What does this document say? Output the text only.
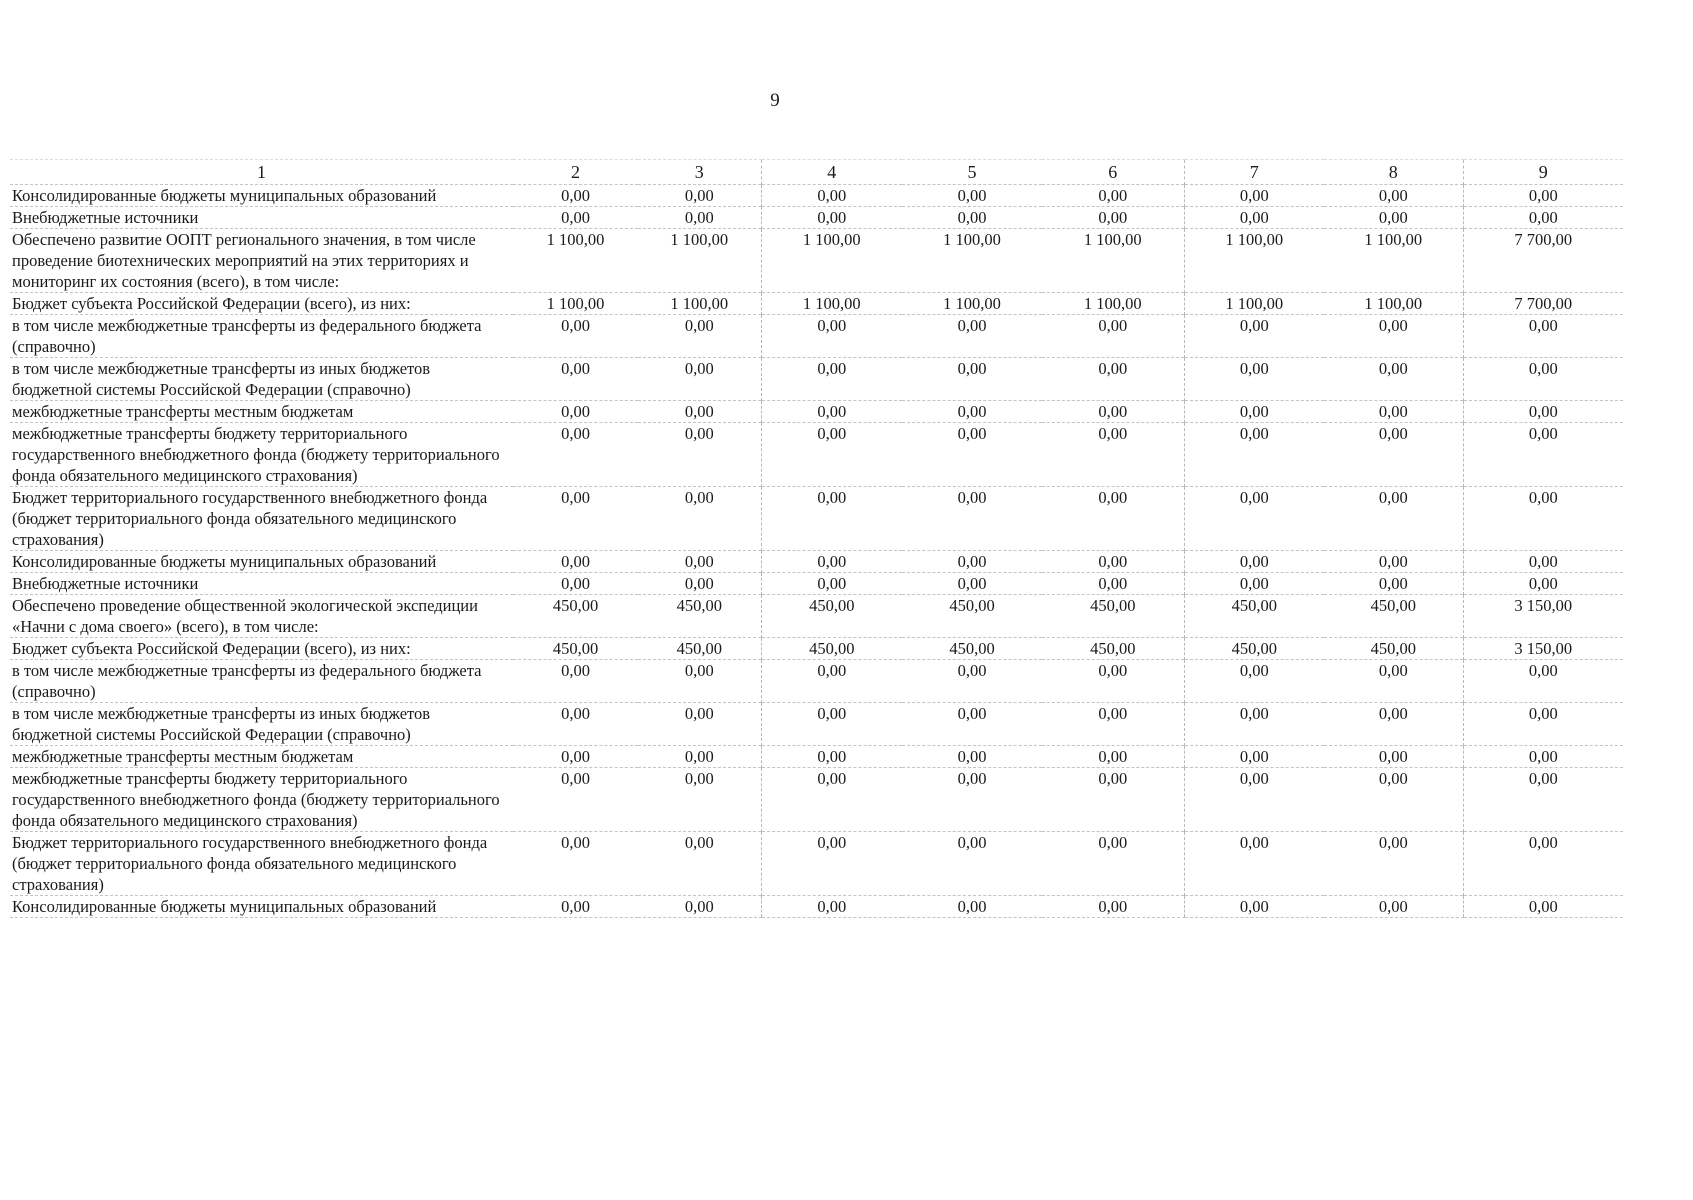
9
1	2	3	4	5	6	7	8	9
Консолидированные бюджеты муниципальных образований	0,00	0,00	0,00	0,00	0,00	0,00	0,00	0,00
Внебюджетные источники	0,00	0,00	0,00	0,00	0,00	0,00	0,00	0,00
Обеспечено развитие ООПТ регионального значения, в том числе проведение биотехнических мероприятий на этих территориях и мониторинг их состояния (всего), в том числе:	1 100,00	1 100,00	1 100,00	1 100,00	1 100,00	1 100,00	1 100,00	7 700,00
Бюджет субъекта Российской Федерации (всего), из них:	1 100,00	1 100,00	1 100,00	1 100,00	1 100,00	1 100,00	1 100,00	7 700,00
в том числе межбюджетные трансферты из федерального бюджета (справочно)	0,00	0,00	0,00	0,00	0,00	0,00	0,00	0,00
в том числе межбюджетные трансферты из иных бюджетов бюджетной системы Российской Федерации (справочно)	0,00	0,00	0,00	0,00	0,00	0,00	0,00	0,00
межбюджетные трансферты местным бюджетам	0,00	0,00	0,00	0,00	0,00	0,00	0,00	0,00
межбюджетные трансферты бюджету территориального государственного внебюджетного фонда (бюджету территориального фонда обязательного медицинского страхования)	0,00	0,00	0,00	0,00	0,00	0,00	0,00	0,00
Бюджет территориального государственного внебюджетного фонда (бюджет территориального фонда обязательного медицинского страхования)	0,00	0,00	0,00	0,00	0,00	0,00	0,00	0,00
Консолидированные бюджеты муниципальных образований	0,00	0,00	0,00	0,00	0,00	0,00	0,00	0,00
Внебюджетные источники	0,00	0,00	0,00	0,00	0,00	0,00	0,00	0,00
Обеспечено проведение общественной экологической экспедиции «Начни с дома своего» (всего), в том числе:	450,00	450,00	450,00	450,00	450,00	450,00	450,00	3 150,00
Бюджет субъекта Российской Федерации (всего), из них:	450,00	450,00	450,00	450,00	450,00	450,00	450,00	3 150,00
в том числе межбюджетные трансферты из федерального бюджета (справочно)	0,00	0,00	0,00	0,00	0,00	0,00	0,00	0,00
в том числе межбюджетные трансферты из иных бюджетов бюджетной системы Российской Федерации (справочно)	0,00	0,00	0,00	0,00	0,00	0,00	0,00	0,00
межбюджетные трансферты местным бюджетам	0,00	0,00	0,00	0,00	0,00	0,00	0,00	0,00
межбюджетные трансферты бюджету территориального государственного внебюджетного фонда (бюджету территориального фонда обязательного медицинского страхования)	0,00	0,00	0,00	0,00	0,00	0,00	0,00	0,00
Бюджет территориального государственного внебюджетного фонда (бюджет территориального фонда обязательного медицинского страхования)	0,00	0,00	0,00	0,00	0,00	0,00	0,00	0,00
Консолидированные бюджеты муниципальных образований	0,00	0,00	0,00	0,00	0,00	0,00	0,00	0,00
